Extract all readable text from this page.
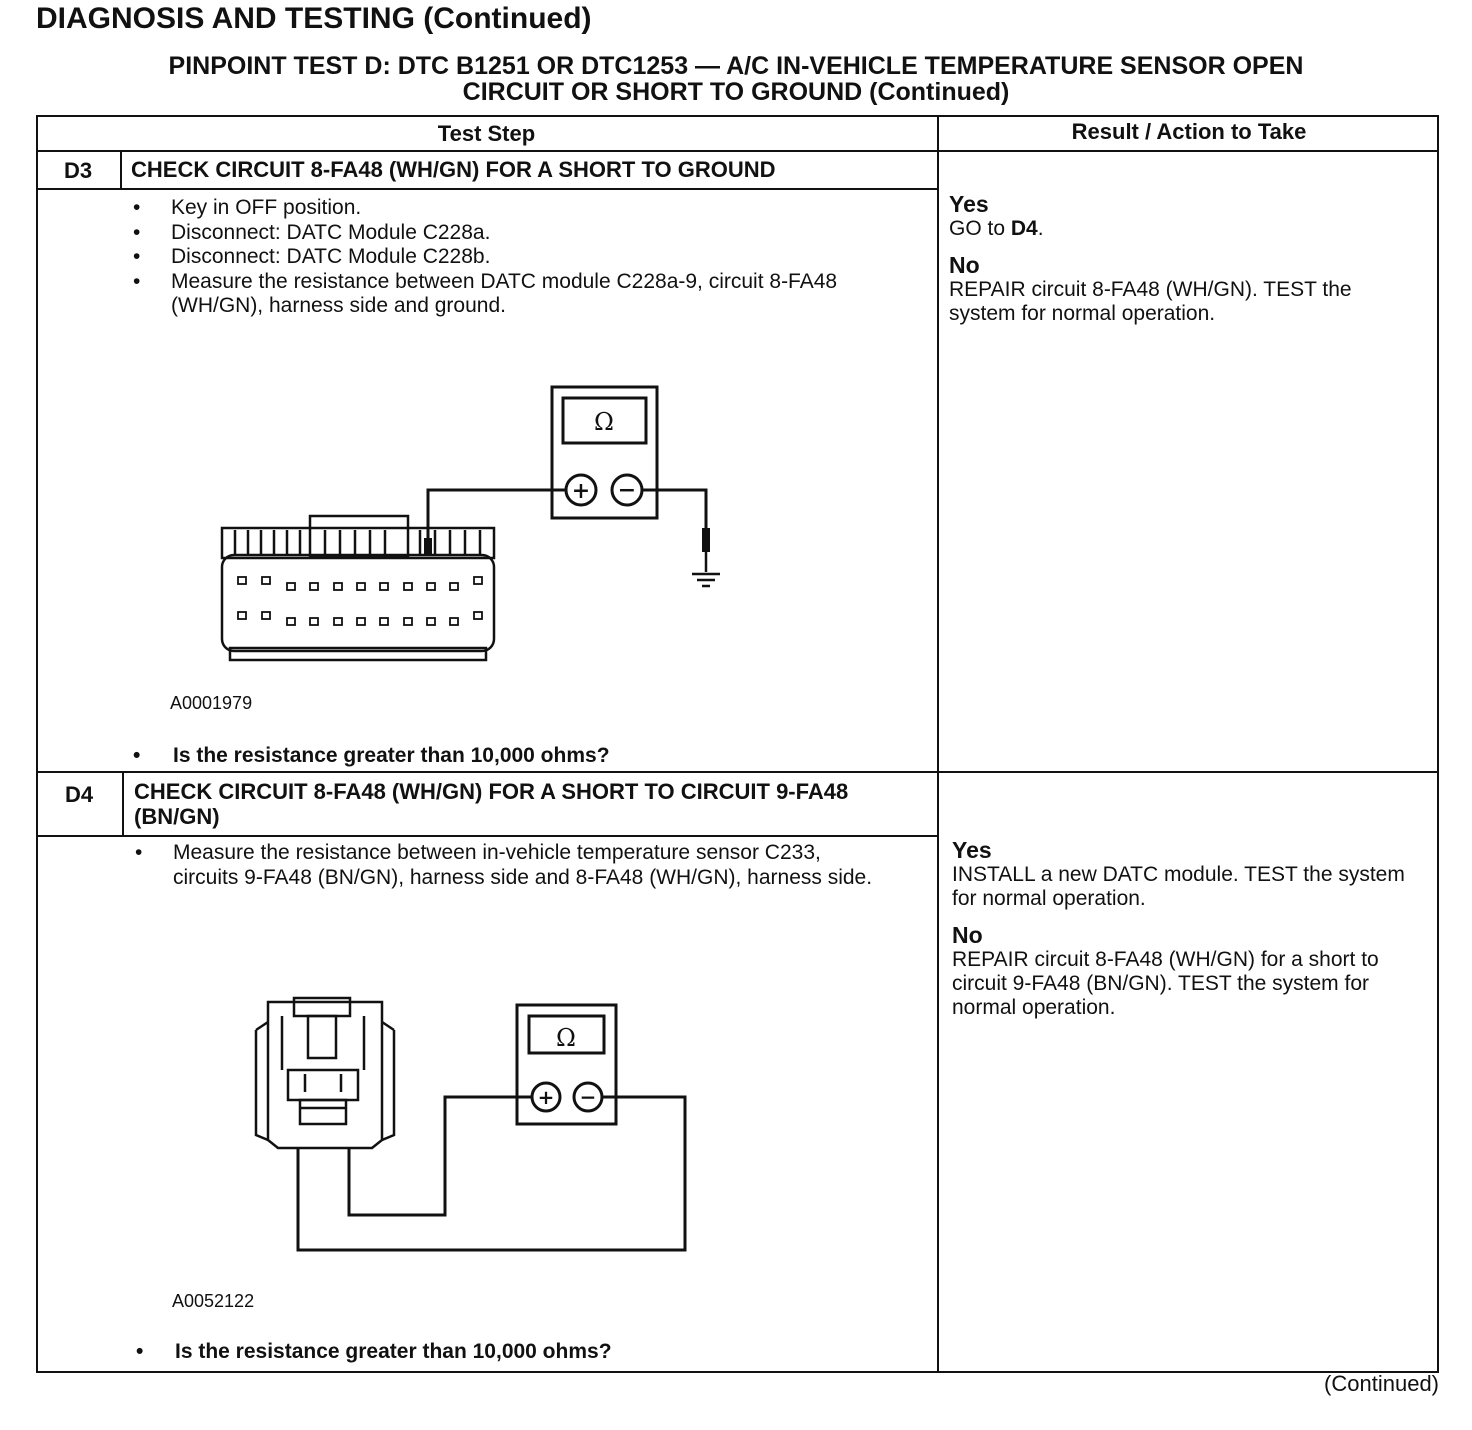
DIAGNOSIS AND TESTING (Continued)
PINPOINT TEST D: DTC B1251 OR DTC1253 — A/C IN-VEHICLE TEMPERATURE SENSOR OPEN
CIRCUIT OR SHORT TO GROUND (Continued)
Test Step	Result / Action to Take
D3	CHECK CIRCUIT 8-FA48 (WH/GN) FOR A SHORT TO GROUND
• Key in OFF position.
• Disconnect: DATC Module C228a.
• Disconnect: DATC Module C228b.
• Measure the resistance between DATC module C228a-9, circuit 8-FA48 (WH/GN), harness side and ground.
Ω
+ −
A0001979
• Is the resistance greater than 10,000 ohms?
Yes
GO to D4.
No
REPAIR circuit 8-FA48 (WH/GN). TEST the system for normal operation.
D4	CHECK CIRCUIT 8-FA48 (WH/GN) FOR A SHORT TO CIRCUIT 9-FA48 (BN/GN)
• Measure the resistance between in-vehicle temperature sensor C233, circuits 9-FA48 (BN/GN), harness side and 8-FA48 (WH/GN), harness side.
Ω
+ −
A0052122
• Is the resistance greater than 10,000 ohms?
Yes
INSTALL a new DATC module. TEST the system for normal operation.
No
REPAIR circuit 8-FA48 (WH/GN) for a short to circuit 9-FA48 (BN/GN). TEST the system for normal operation.
(Continued)
